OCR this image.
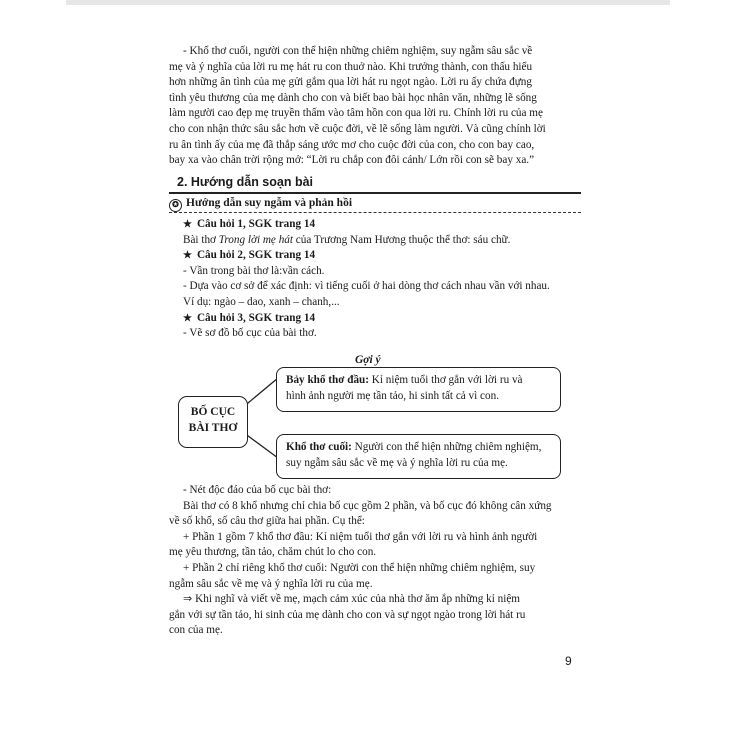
- Khổ thơ cuối, người con thể hiện những chiêm nghiệm, suy ngẫm sâu sắc về

mẹ và ý nghĩa của lời ru mẹ hát ru con thuở nào. Khi trưởng thành, con thấu hiểu

hơn những ân tình của mẹ gửi gắm qua lời hát ru ngọt ngào. Lời ru ấy chứa đựng

tình yêu thương của mẹ dành cho con và biết bao bài học nhân văn, những lẽ sống

làm người cao đẹp mẹ truyền thấm vào tâm hồn con qua lời ru. Chính lời ru của mẹ

cho con nhận thức sâu sắc hơn về cuộc đời, về lẽ sống làm người. Và cũng chính lời

ru ân tình ấy của mẹ đã thắp sáng ước mơ cho cuộc đời của con, cho con bay cao,

bay xa vào chân trời rộng mở: “Lời ru chắp con đôi cánh/ Lớn rồi con sẽ bay xa.”

2. Hướng dẫn soạn bài
✪ Hướng dẫn suy ngẫm và phản hồi

★ Câu hỏi 1, SGK trang 14

Bài thơ Trong lời mẹ hát của Trương Nam Hương thuộc thể thơ: sáu chữ.

★ Câu hỏi 2, SGK trang 14

- Vần trong bài thơ là:vần cách.

- Dựa vào cơ sở để xác định: vì tiếng cuối ở hai dòng thơ cách nhau vần với nhau.

Ví dụ: ngào – dao, xanh – chanh,...

★ Câu hỏi 3, SGK trang 14

- Vẽ sơ đồ bố cục của bài thơ.

Gợi ý
BỐ CỤC
BÀI THƠ
Bảy khổ thơ đầu: Kỉ niệm tuổi thơ gắn với lời ru và
hình ảnh người mẹ tần tảo, hi sinh tất cả vì con.
Khổ thơ cuối: Người con thể hiện những chiêm nghiệm,
suy ngẫm sâu sắc về mẹ và ý nghĩa lời ru của mẹ.

- Nét độc đáo của bố cục bài thơ:

Bài thơ có 8 khổ nhưng chỉ chia bố cục gồm 2 phần, và bố cục đó không cân xứng

về số khổ, số câu thơ giữa hai phần. Cụ thể:

+ Phần 1 gồm 7 khổ thơ đầu: Kỉ niệm tuổi thơ gắn với lời ru và hình ảnh người

mẹ yêu thương, tần tảo, chăm chút lo cho con.

+ Phần 2 chỉ riêng khổ thơ cuối: Người con thể hiện những chiêm nghiệm, suy

ngẫm sâu sắc về mẹ và ý nghĩa lời ru của mẹ.

⇒ Khi nghĩ và viết về mẹ, mạch cảm xúc của nhà thơ ăm ắp những kỉ niệm

gắn với sự tần tảo, hi sinh của mẹ dành cho con và sự ngọt ngào trong lời hát ru

con của mẹ.

9
